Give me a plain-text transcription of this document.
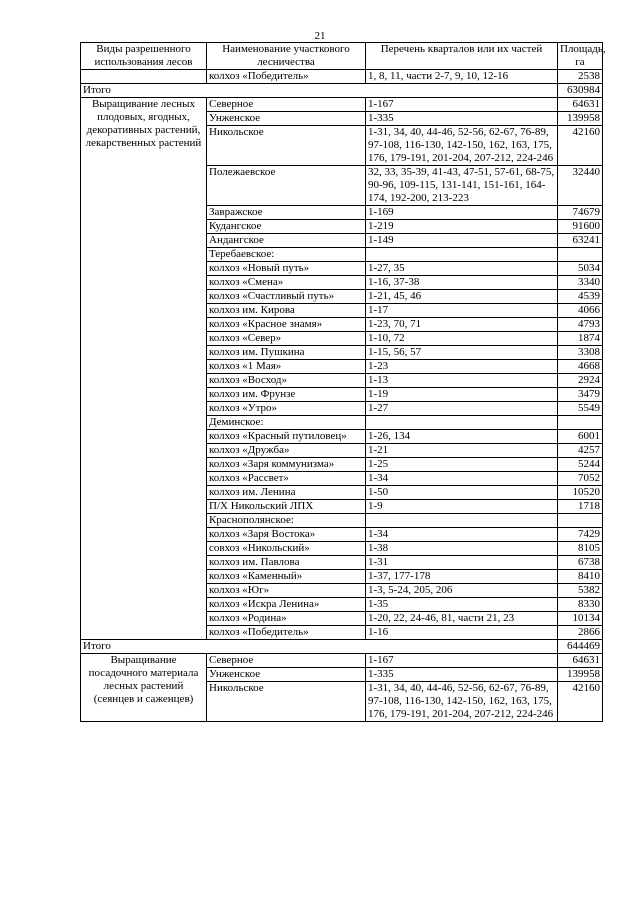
21
Виды разрешенного использования лесов	Наименование участкового лесничества	Перечень кварталов или их частей	Площадь, га
	колхоз «Победитель»	1, 8, 11, части 2-7, 9, 10, 12-16	2538
Итого			630984
Выращивание лесных плодовых, ягодных, декоративных растений, лекарственных растений	Северное	1-167	64631
	Унженское	1-335	139958
	Никольское	1-31, 34, 40, 44-46, 52-56, 62-67, 76-89, 97-108, 116-130, 142-150, 162, 163, 175, 176, 179-191, 201-204, 207-212, 224-246	42160
	Полежаевское	32, 33, 35-39, 41-43, 47-51, 57-61, 68-75, 90-96, 109-115, 131-141, 151-161, 164-174, 192-200, 213-223	32440
	Завражское	1-169	74679
	Кудангское	1-219	91600
	Андангское	1-149	63241
	Теребаевское:		
	колхоз «Новый путь»	1-27, 35	5034
	колхоз «Смена»	1-16, 37-38	3340
	колхоз «Счастливый путь»	1-21, 45, 46	4539
	колхоз им. Кирова	1-17	4066
	колхоз «Красное знамя»	1-23, 70, 71	4793
	колхоз «Север»	1-10, 72	1874
	колхоз им. Пушкина	1-15, 56, 57	3308
	колхоз «1 Мая»	1-23	4668
	колхоз «Восход»	1-13	2924
	колхоз им. Фрунзе	1-19	3479
	колхоз «Утро»	1-27	5549
	Деминское:		
	колхоз «Красный путиловец»	1-26, 134	6001
	колхоз «Дружба»	1-21	4257
	колхоз «Заря коммунизма»	1-25	5244
	колхоз «Рассвет»	1-34	7052
	колхоз им. Ленина	1-50	10520
	П/Х Никольский ЛПХ	1-9	1718
	Краснополянское:		
	колхоз «Заря Востока»	1-34	7429
	совхоз «Никольский»	1-38	8105
	колхоз им. Павлова	1-31	6738
	колхоз «Каменный»	1-37, 177-178	8410
	колхоз «Юг»	1-3, 5-24, 205, 206	5382
	колхоз «Искра Ленина»	1-35	8330
	колхоз «Родина»	1-20, 22, 24-46, 81, части 21, 23	10134
	колхоз «Победитель»	1-16	2866
Итого			644469
Выращивание посадочного материала лесных растений (сеянцев и саженцев)	Северное	1-167	64631
	Унженское	1-335	139958
	Никольское	1-31, 34, 40, 44-46, 52-56, 62-67, 76-89, 97-108, 116-130, 142-150, 162, 163, 175, 176, 179-191, 201-204, 207-212, 224-246	42160
